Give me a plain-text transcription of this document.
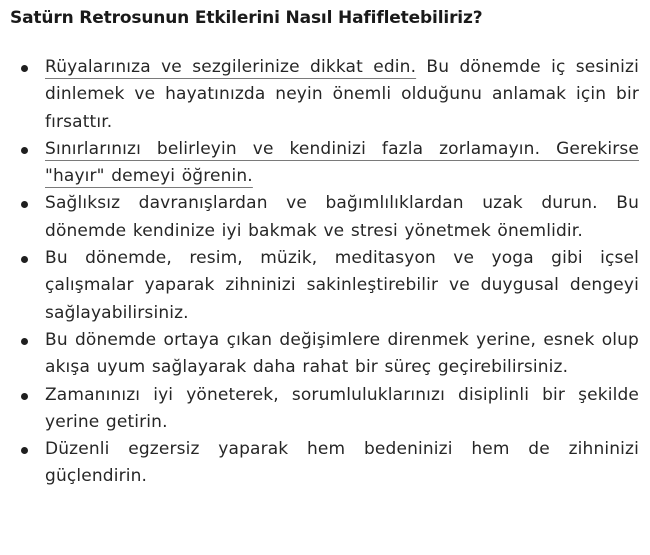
Satürn Retrosunun Etkilerini Nasıl Hafifletebiliriz?
Rüyalarınıza ve sezgilerinize dikkat edin. Bu dönemde iç sesinizi dinlemek ve hayatınızda neyin önemli olduğunu anlamak için bir fırsattır.
Sınırlarınızı belirleyin ve kendinizi fazla zorlamayın. Gerekirse "hayır" demeyi öğrenin.
Sağlıksız davranışlardan ve bağımlılıklardan uzak durun. Bu dönemde kendinize iyi bakmak ve stresi yönetmek önemlidir.
Bu dönemde, resim, müzik, meditasyon ve yoga gibi içsel çalışmalar yaparak zihninizi sakinleştirebilir ve duygusal dengeyi sağlayabilirsiniz.
Bu dönemde ortaya çıkan değişimlere direnmek yerine, esnek olup akışa uyum sağlayarak daha rahat bir süreç geçirebilirsiniz.
Zamanınızı iyi yöneterek, sorumluluklarınızı disiplinli bir şekilde yerine getirin.
Düzenli egzersiz yaparak hem bedeninizi hem de zihninizi güçlendirin.
